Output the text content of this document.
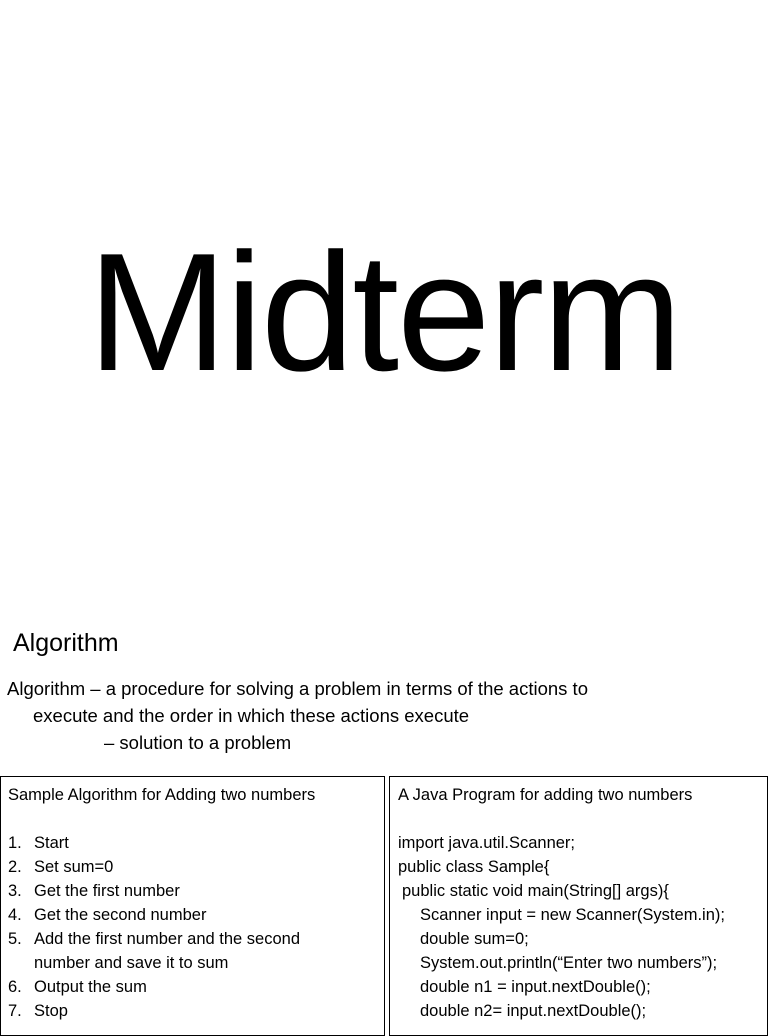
Midterm
Algorithm
Algorithm – a procedure for solving a problem in terms of the actions to
execute and the order in which these actions execute
– solution to a problem
Sample Algorithm for Adding two numbers
1. Start
2. Set sum=0
3. Get the first number
4. Get the second number
5. Add the first number and the second number and save it to sum
6. Output the sum
7. Stop
A Java Program for adding two numbers
import java.util.Scanner;
public class Sample{
public static void main(String[] args){
Scanner input = new Scanner(System.in);
double sum=0;
System.out.println(“Enter two numbers”);
double n1 = input.nextDouble();
double n2= input.nextDouble();
